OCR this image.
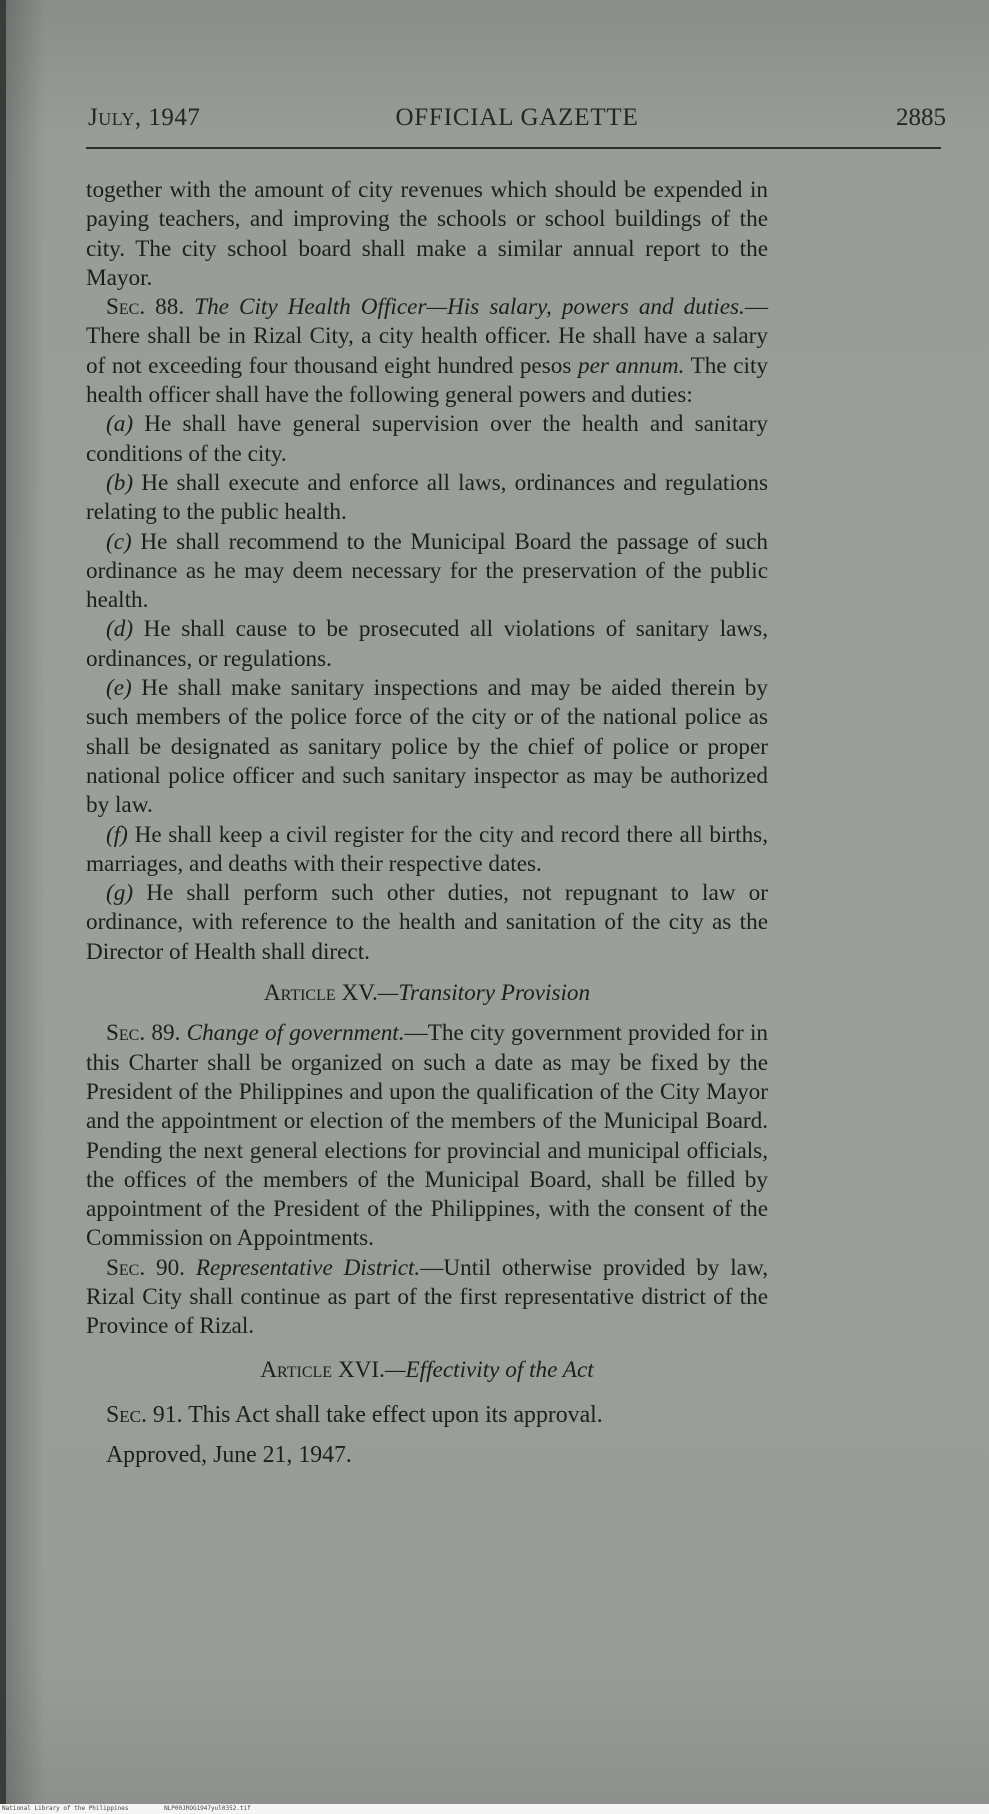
July, 1947	OFFICIAL GAZETTE	2885

together with the amount of city revenues which should be expended in paying teachers, and improving the schools or school buildings of the city. The city school board shall make a similar annual report to the Mayor.

Sec. 88. The City Health Officer—His salary, powers and duties.—There shall be in Rizal City, a city health officer. He shall have a salary of not exceeding four thousand eight hundred pesos per annum. The city health officer shall have the following general powers and duties:

(a) He shall have general supervision over the health and sanitary conditions of the city.

(b) He shall execute and enforce all laws, ordinances and regulations relating to the public health.

(c) He shall recommend to the Municipal Board the passage of such ordinance as he may deem necessary for the preservation of the public health.

(d) He shall cause to be prosecuted all violations of sanitary laws, ordinances, or regulations.

(e) He shall make sanitary inspections and may be aided therein by such members of the police force of the city or of the national police as shall be designated as sanitary police by the chief of police or proper national police officer and such sanitary inspector as may be authorized by law.

(f) He shall keep a civil register for the city and record there all births, marriages, and deaths with their respective dates.

(g) He shall perform such other duties, not repugnant to law or ordinance, with reference to the health and sanitation of the city as the Director of Health shall direct.

Article XV.—Transitory Provision

Sec. 89. Change of government.—The city government provided for in this Charter shall be organized on such a date as may be fixed by the President of the Philippines and upon the qualification of the City Mayor and the appointment or election of the members of the Municipal Board. Pending the next general elections for provincial and municipal officials, the offices of the members of the Municipal Board, shall be filled by appointment of the President of the Philippines, with the consent of the Commission on Appointments.

Sec. 90. Representative District.—Until otherwise provided by law, Rizal City shall continue as part of the first representative district of the Province of Rizal.

Article XVI.—Effectivity of the Act

Sec. 91. This Act shall take effect upon its approval.

Approved, June 21, 1947.

National Library of the Philippines	NLP00JROG1947yul0352.tif
